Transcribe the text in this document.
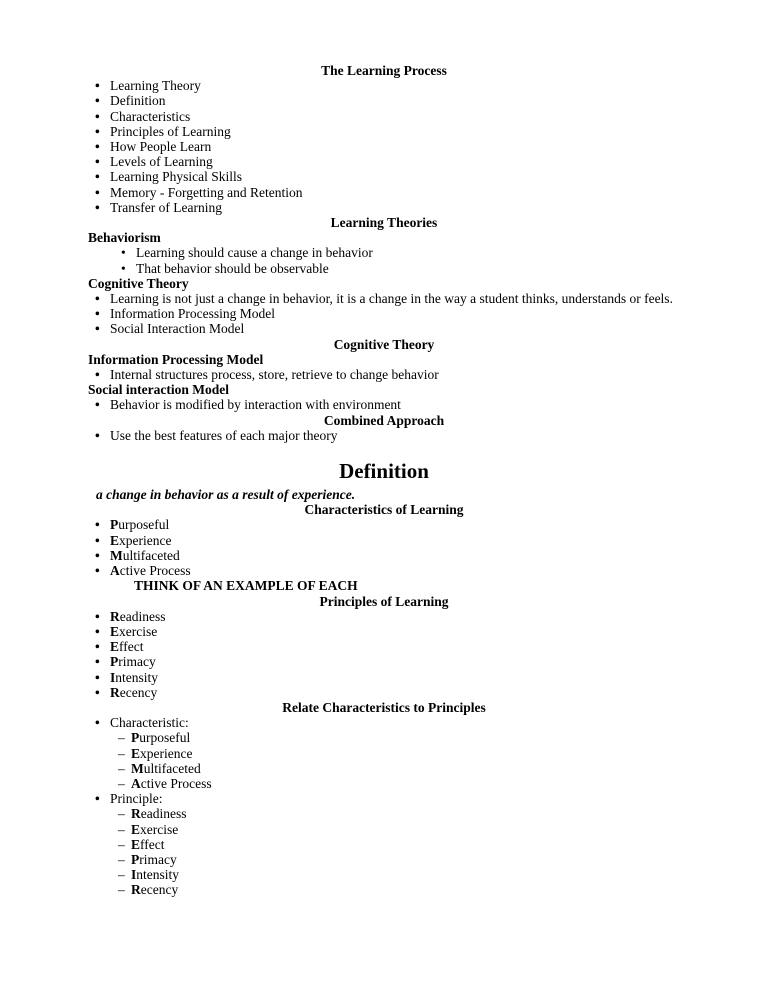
The Learning Process
• Learning Theory
• Definition
• Characteristics
• Principles of Learning
• How People Learn
• Levels of Learning
• Learning Physical Skills
• Memory - Forgetting and Retention
• Transfer of Learning
Learning Theories
Behaviorism
• Learning should cause a change in behavior
• That behavior should be observable
Cognitive Theory
• Learning is not just a change in behavior, it is a change in the way a student thinks, understands or feels.
• Information Processing Model
• Social Interaction Model
Cognitive Theory
Information Processing Model
• Internal structures process, store, retrieve to change behavior
Social interaction Model
• Behavior is modified by interaction with environment
Combined Approach
• Use the best features of each major theory
Definition
a change in behavior as a result of experience.
Characteristics of Learning
• Purposeful
• Experience
• Multifaceted
• Active Process
THINK OF AN EXAMPLE OF EACH
Principles of Learning
• Readiness
• Exercise
• Effect
• Primacy
• Intensity
• Recency
Relate Characteristics to Principles
• Characteristic:
– Purposeful
– Experience
– Multifaceted
– Active Process
• Principle:
– Readiness
– Exercise
– Effect
– Primacy
– Intensity
– Recency
